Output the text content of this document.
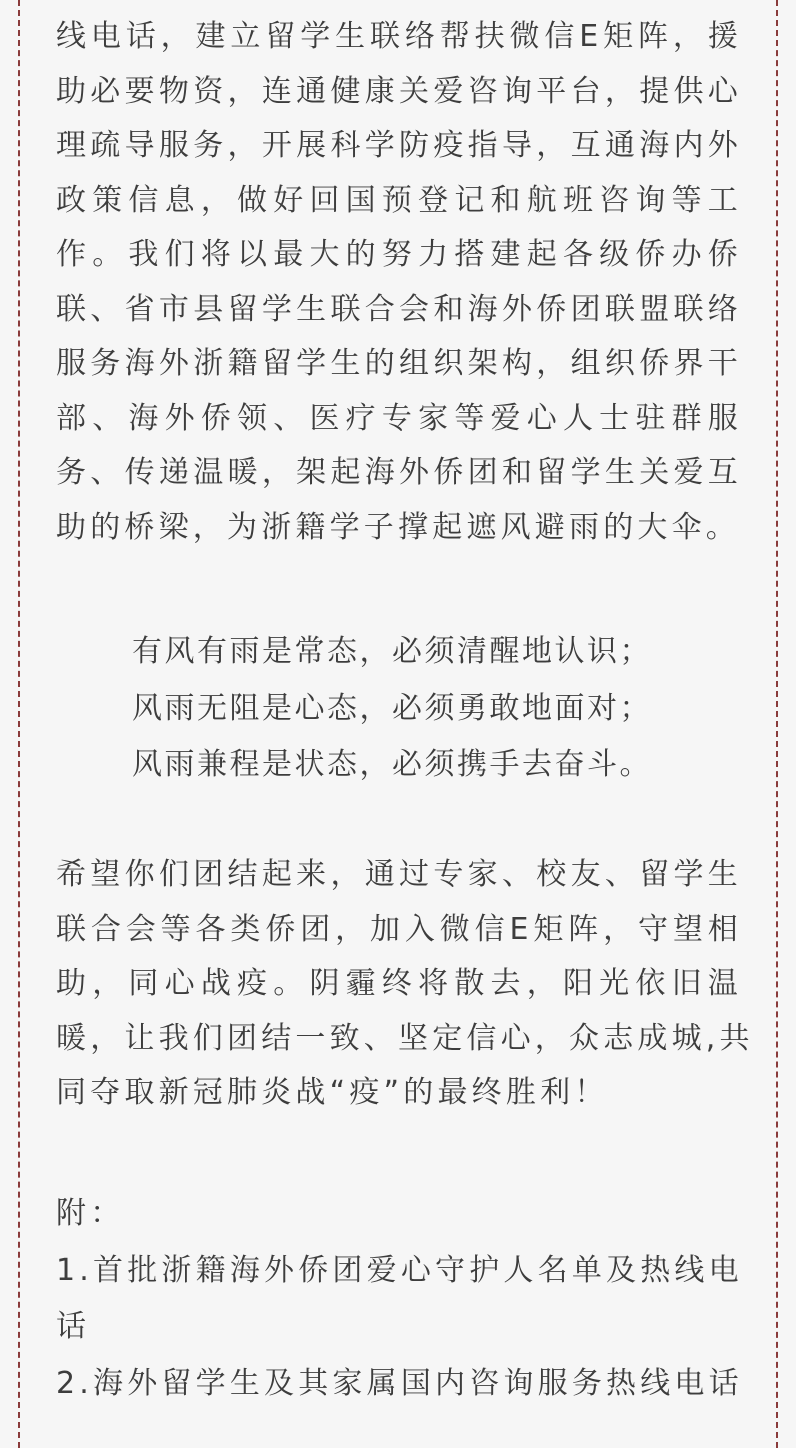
线电话，建立留学生联络帮扶微信E矩阵，援
助必要物资，连通健康关爱咨询平台，提供心
理疏导服务，开展科学防疫指导，互通海内外
政策信息，做好回国预登记和航班咨询等工
作。我们将以最大的努力搭建起各级侨办侨
联、省市县留学生联合会和海外侨团联盟联络
服务海外浙籍留学生的组织架构，组织侨界干
部、海外侨领、医疗专家等爱心人士驻群服
务、传递温暖，架起海外侨团和留学生关爱互
助的桥梁，为浙籍学子撑起遮风避雨的大伞。

有风有雨是常态，必须清醒地认识；
风雨无阻是心态，必须勇敢地面对；
风雨兼程是状态，必须携手去奋斗。

希望你们团结起来，通过专家、校友、留学生
联合会等各类侨团，加入微信E矩阵，守望相
助，同心战疫。阴霾终将散去，阳光依旧温
暖，让我们团结一致、坚定信心，众志成城,共
同夺取新冠肺炎战“疫”的最终胜利！

附：
1.首批浙籍海外侨团爱心守护人名单及热线电
话
2.海外留学生及其家属国内咨询服务热线电话
